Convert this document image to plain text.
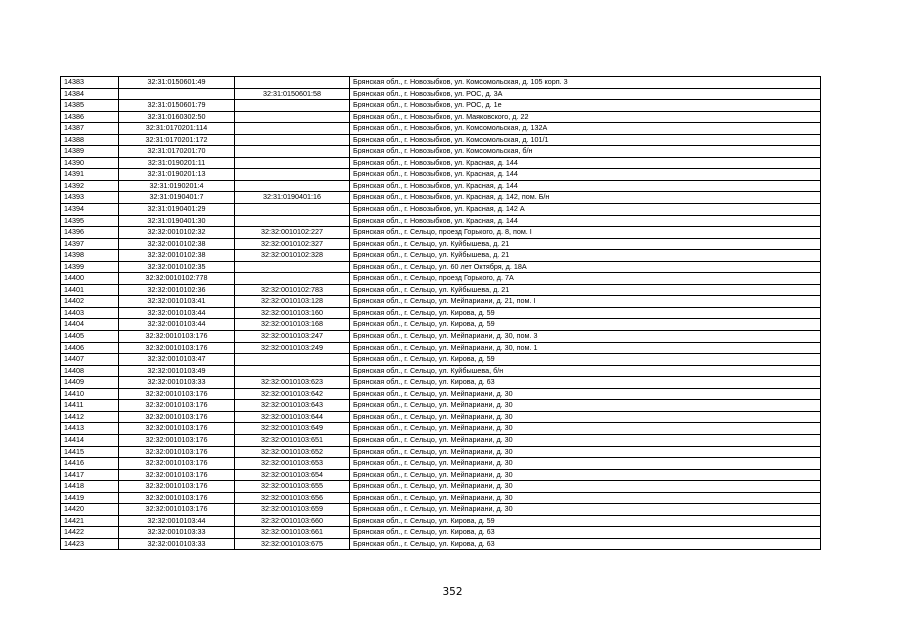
14383	32:31:0150601:49		Брянская обл., г. Новозыбков, ул. Комсомольская, д. 105 корп. 3
14384		32:31:0150601:58	Брянская обл., г. Новозыбков, ул. РОС, д. 3А
14385	32:31:0150601:79		Брянская обл., г. Новозыбков, ул. РОС, д. 1е
14386	32:31:0160302:50		Брянская обл., г. Новозыбков, ул. Маяковского, д. 22
14387	32:31:0170201:114		Брянская обл., г. Новозыбков, ул. Комсомольская, д. 132А
14388	32:31:0170201:172		Брянская обл., г. Новозыбков, ул. Комсомольская, д. 101/1
14389	32:31:0170201:70		Брянская обл., г. Новозыбков, ул. Комсомольская, б/н
14390	32:31:0190201:11		Брянская обл., г. Новозыбков, ул. Красная, д. 144
14391	32:31:0190201:13		Брянская обл., г. Новозыбков, ул. Красная, д. 144
14392	32:31:0190201:4		Брянская обл., г. Новозыбков, ул. Красная, д. 144
14393	32:31:0190401:7	32:31:0190401:16	Брянская обл., г. Новозыбков, ул. Красная, д. 142, пом. Б/н
14394	32:31:0190401:29		Брянская обл., г. Новозыбков, ул. Красная, д. 142 А
14395	32:31:0190401:30		Брянская обл., г. Новозыбков, ул. Красная, д. 144
14396	32:32:0010102:32	32:32:0010102:227	Брянская обл., г. Сельцо, проезд Горького, д. 8, пом. I
14397	32:32:0010102:38	32:32:0010102:327	Брянская обл., г. Сельцо, ул. Куйбышева, д. 21
14398	32:32:0010102:38	32:32:0010102:328	Брянская обл., г. Сельцо, ул. Куйбышева, д. 21
14399	32:32:0010102:35		Брянская обл., г. Сельцо, ул. 60 лет Октября, д. 18А
14400	32:32:0010102:778		Брянская обл., г. Сельцо, проезд Горького, д. 7А
14401	32:32:0010102:36	32:32:0010102:783	Брянская обл., г. Сельцо, ул. Куйбышева, д. 21
14402	32:32:0010103:41	32:32:0010103:128	Брянская обл., г. Сельцо, ул. Мейпариани, д. 21, пом. I
14403	32:32:0010103:44	32:32:0010103:160	Брянская обл., г. Сельцо, ул. Кирова, д. 59
14404	32:32:0010103:44	32:32:0010103:168	Брянская обл., г. Сельцо, ул. Кирова, д. 59
14405	32:32:0010103:176	32:32:0010103:247	Брянская обл., г. Сельцо, ул. Мейпариани, д. 30, пом. 3
14406	32:32:0010103:176	32:32:0010103:249	Брянская обл., г. Сельцо, ул. Мейпариани, д. 30, пом. 1
14407	32:32:0010103:47		Брянская обл., г. Сельцо, ул. Кирова, д. 59
14408	32:32:0010103:49		Брянская обл., г. Сельцо, ул. Куйбышева, б/н
14409	32:32:0010103:33	32:32:0010103:623	Брянская обл., г. Сельцо, ул. Кирова, д. 63
14410	32:32:0010103:176	32:32:0010103:642	Брянская обл., г. Сельцо, ул. Мейпариани, д. 30
14411	32:32:0010103:176	32:32:0010103:643	Брянская обл., г. Сельцо, ул. Мейпариани, д. 30
14412	32:32:0010103:176	32:32:0010103:644	Брянская обл., г. Сельцо, ул. Мейпариани, д. 30
14413	32:32:0010103:176	32:32:0010103:649	Брянская обл., г. Сельцо, ул. Мейпариани, д. 30
14414	32:32:0010103:176	32:32:0010103:651	Брянская обл., г. Сельцо, ул. Мейпариани, д. 30
14415	32:32:0010103:176	32:32:0010103:652	Брянская обл., г. Сельцо, ул. Мейпариани, д. 30
14416	32:32:0010103:176	32:32:0010103:653	Брянская обл., г. Сельцо, ул. Мейпариани, д. 30
14417	32:32:0010103:176	32:32:0010103:654	Брянская обл., г. Сельцо, ул. Мейпариани, д. 30
14418	32:32:0010103:176	32:32:0010103:655	Брянская обл., г. Сельцо, ул. Мейпариани, д. 30
14419	32:32:0010103:176	32:32:0010103:656	Брянская обл., г. Сельцо, ул. Мейпариани, д. 30
14420	32:32:0010103:176	32:32:0010103:659	Брянская обл., г. Сельцо, ул. Мейпариани, д. 30
14421	32:32:0010103:44	32:32:0010103:660	Брянская обл., г. Сельцо, ул. Кирова, д. 59
14422	32:32:0010103:33	32:32:0010103:661	Брянская обл., г. Сельцо, ул. Кирова, д. 63
14423	32:32:0010103:33	32:32:0010103:675	Брянская обл., г. Сельцо, ул. Кирова, д. 63
352
